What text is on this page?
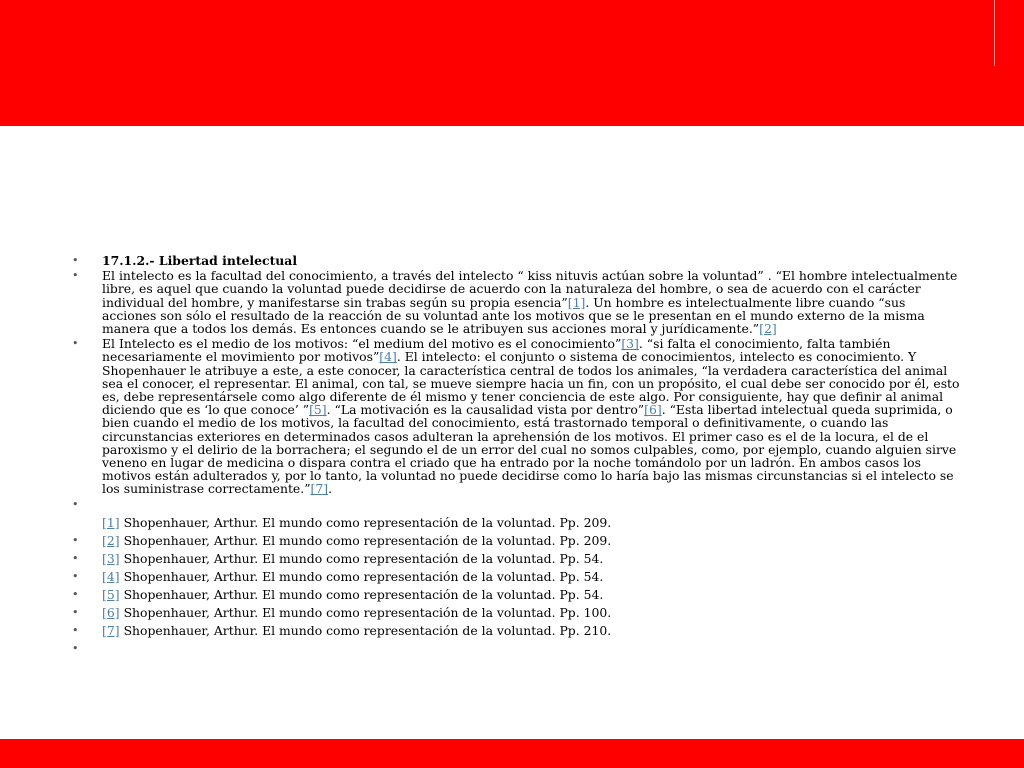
• 17.1.2.- Libertad intelectual
• El intelecto es la facultad del conocimiento, a través del intelecto “ kiss nituvis actúan sobre la voluntad” . “El hombre intelectualmente libre, es aquel que cuando la voluntad puede decidirse de acuerdo con la naturaleza del hombre, o sea de acuerdo con el carácter individual del hombre, y manifestarse sin trabas según su propia esencia”[1]. Un hombre es intelectualmente libre cuando “sus acciones son sólo el resultado de la reacción de su voluntad ante los motivos que se le presentan en el mundo externo de la misma manera que a todos los demás. Es entonces cuando se le atribuyen sus acciones moral y jurídicamente.”[2]
• El Intelecto es el medio de los motivos: “el medium del motivo es el conocimiento”[3]. “si falta el conocimiento, falta también necesariamente el movimiento por motivos”[4]. El intelecto: el conjunto o sistema de conocimientos, intelecto es conocimiento. Y Shopenhauer le atribuye a este, a este conocer, la característica central de todos los animales, “la verdadera característica del animal sea el conocer, el representar. El animal, con tal, se mueve siempre hacia un fin, con un propósito, el cual debe ser conocido por él, esto es, debe representársele como algo diferente de él mismo y tener conciencia de este algo. Por consiguiente, hay que definir al animal diciendo que es ‘lo que conoce’ ”[5]. “La motivación es la causalidad vista por dentro”[6]. “Esta libertad intelectual queda suprimida, o bien cuando el medio de los motivos, la facultad del conocimiento, está trastornado temporal o definitivamente, o cuando las circunstancias exteriores en determinados casos adulteran la aprehensión de los motivos. El primer caso es el de la locura, el de el paroxismo y el delirio de la borrachera; el segundo el de un error del cual no somos culpables, como, por ejemplo, cuando alguien sirve veneno en lugar de medicina o dispara contra el criado que ha entrado por la noche tomándolo por un ladrón. En ambos casos los motivos están adulterados y, por lo tanto, la voluntad no puede decidirse como lo haría bajo las mismas circunstancias si el intelecto se los suministrase correctamente.”[7].
•
[1] Shopenhauer, Arthur. El mundo como representación de la voluntad. Pp. 209.
• [2] Shopenhauer, Arthur. El mundo como representación de la voluntad. Pp. 209.
• [3] Shopenhauer, Arthur. El mundo como representación de la voluntad. Pp. 54.
• [4] Shopenhauer, Arthur. El mundo como representación de la voluntad. Pp. 54.
• [5] Shopenhauer, Arthur. El mundo como representación de la voluntad. Pp. 54.
• [6] Shopenhauer, Arthur. El mundo como representación de la voluntad. Pp. 100.
• [7] Shopenhauer, Arthur. El mundo como representación de la voluntad. Pp. 210.
•
